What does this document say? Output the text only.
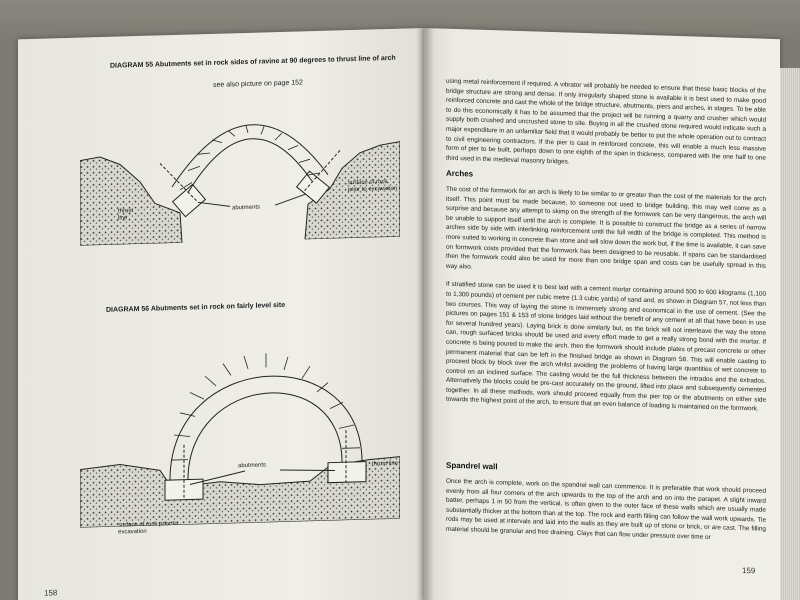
DIAGRAM 55 Abutments set in rock sides of ravine at 90 degrees to thrust line of arch
see also picture on page 152
thrust line
abutments
surface of rock prior to excavation
DIAGRAM 56 Abutments set in rock on fairly level site
abutments	thrust line
surface of rock prior to excavation
158

using metal reinforcement if required. A vibrator will probably be needed to ensure that these basic blocks of the bridge structure are strong and dense. If only irregularly shaped stone is available it is best used to make good reinforced concrete and cast the whole of the bridge structure, abutments, piers and arches, in stages. To be able to do this economically it has to be assumed that the project will be running a quarry and crusher which would supply both crushed and uncrushed stone to site. Buying in all the crushed stone required would indicate such a major expenditure in an unfamiliar field that it would probably be better to put the whole operation out to contract to civil engineering contractors. If the pier is cast in reinforced concrete, this will enable a much less massive form of pier to be built, perhaps down to one eighth of the span in thickness, compared with the one half to one third used in the medieval masonry bridges.

Arches

The cost of the formwork for an arch is likely to be similar to or greater than the cost of the materials for the arch itself. This point must be made because, to someone not used to bridge building, this may well come as a surprise and because any attempt to skimp on the strength of the formwork can be very dangerous, the arch will be unable to support itself until the arch is complete. It is possible to construct the bridge as a series of narrow arches side by side with interlinking reinforcement until the full width of the bridge is completed. This method is more suited to working in concrete than stone and will slow down the work but, if the time is available, it can save on formwork costs provided that the formwork has been designed to be reusable. If spans can be standardised then the formwork could also be used for more than one bridge span and costs can be usefully spread in this way also.

If stratified stone can be used it is best laid with a cement mortar containing around 500 to 600 kilograms (1,100 to 1,300 pounds) of cement per cubic metre (1.3 cubic yards) of sand and, as shown in Diagram 57, not less than two courses. This way of laying the stone is immensely strong and economical in the use of cement. (See the pictures on pages 151 & 153 of stone bridges laid without the benefit of any cement at all that have been in use for several hundred years). Laying brick is done similarly but, as the brick will not interleave the way the stone can, rough surfaced bricks should be used and every effort made to get a really strong bond with the mortar. If concrete is being poured to make the arch, then the formwork should include plates of precast concrete or other permanent material that can be left in the finished bridge as shown in Diagram 58. This will enable casting to proceed block by block over the arch whilst avoiding the problems of having large quantities of wet concrete to control on an inclined surface. The casting would be the full thickness between the intrados and the extrados. Alternatively the blocks could be pre-cast accurately on the ground, lifted into place and subsequently cemented together. In all these methods, work should proceed equally from the pier top or the abutments on either side towards the highest point of the arch, to ensure that an even balance of loading is maintained on the formwork.

Spandrel wall

Once the arch is complete, work on the spandrel wall can commence. It is preferable that work should proceed evenly from all four corners of the arch upwards to the top of the arch and on into the parapet. A slight inward batter, perhaps 1 in 50 from the vertical, is often given to the outer face of these walls which are usually made substantially thicker at the bottom than at the top. The rock and earth filling can follow the wall work upwards. Tie rods may be used at intervals and laid into the walls as they are built up of stone or brick, or are cast. The filling material should be granular and free draining. Clays that can flow under pressure over time or

159
